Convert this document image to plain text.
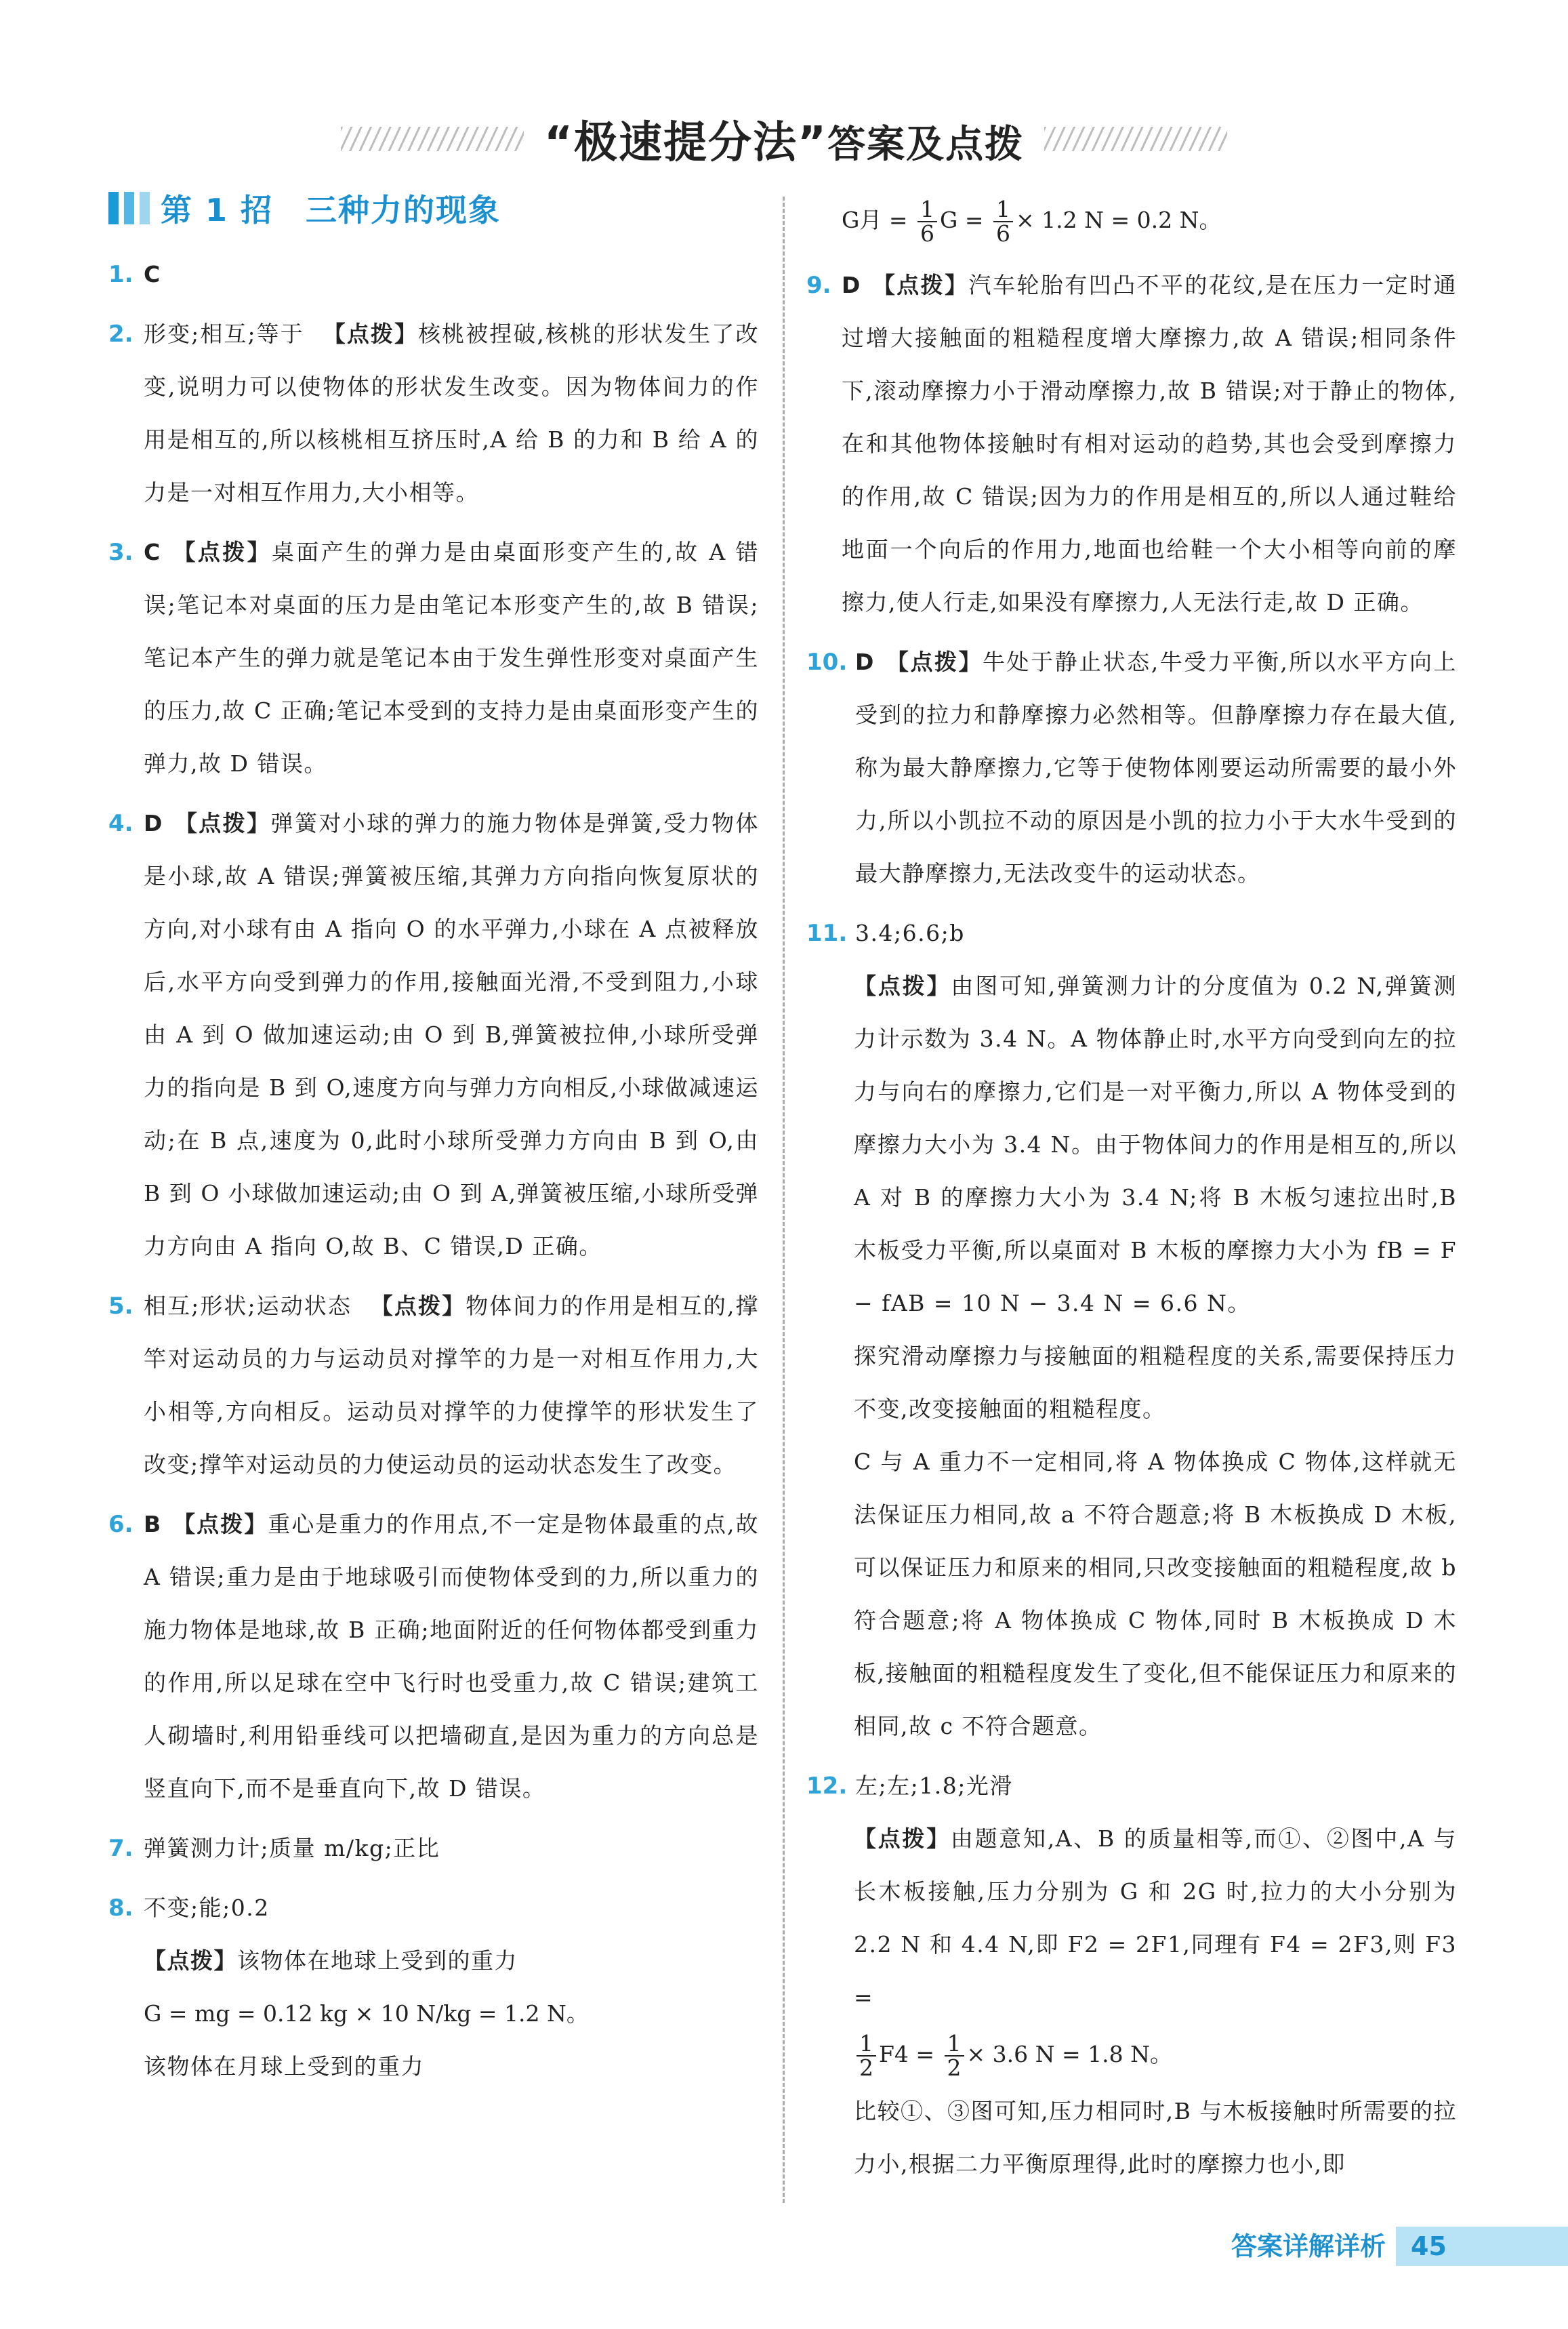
“极速提分法”答案及点拨
第 1 招　三种力的现象
1. C
2. 形变;相互;等于 【点拨】核桃被捏破,核桃的形状发生了改变,说明力可以使物体的形状发生改变。因为物体间力的作用是相互的,所以核桃相互挤压时,A 给 B 的力和 B 给 A 的力是一对相互作用力,大小相等。
3. C 【点拨】桌面产生的弹力是由桌面形变产生的,故 A 错误;笔记本对桌面的压力是由笔记本形变产生的,故 B 错误;笔记本产生的弹力就是笔记本由于发生弹性形变对桌面产生的压力,故 C 正确;笔记本受到的支持力是由桌面形变产生的弹力,故 D 错误。
4. D 【点拨】弹簧对小球的弹力的施力物体是弹簧,受力物体是小球,故 A 错误;弹簧被压缩,其弹力方向指向恢复原状的方向,对小球有由 A 指向 O 的水平弹力,小球在 A 点被释放后,水平方向受到弹力的作用,接触面光滑,不受到阻力,小球由 A 到 O 做加速运动;由 O 到 B,弹簧被拉伸,小球所受弹力的指向是 B 到 O,速度方向与弹力方向相反,小球做减速运动;在 B 点,速度为 0,此时小球所受弹力方向由 B 到 O,由 B 到 O 小球做加速运动;由 O 到 A,弹簧被压缩,小球所受弹力方向由 A 指向 O,故 B、C 错误,D 正确。
5. 相互;形状;运动状态 【点拨】物体间力的作用是相互的,撑竿对运动员的力与运动员对撑竿的力是一对相互作用力,大小相等,方向相反。运动员对撑竿的力使撑竿的形状发生了改变;撑竿对运动员的力使运动员的运动状态发生了改变。
6. B 【点拨】重心是重力的作用点,不一定是物体最重的点,故 A 错误;重力是由于地球吸引而使物体受到的力,所以重力的施力物体是地球,故 B 正确;地面附近的任何物体都受到重力的作用,所以足球在空中飞行时也受重力,故 C 错误;建筑工人砌墙时,利用铅垂线可以把墙砌直,是因为重力的方向总是竖直向下,而不是垂直向下,故 D 错误。
7. 弹簧测力计;质量 m/kg;正比
8. 不变;能;0.2
【点拨】该物体在地球上受到的重力
G = mg = 0.12 kg × 10 N/kg = 1.2 N。
该物体在月球上受到的重力
G月 = $\frac{1}{6}$ $G = \frac{1}{6} \times 1.2$ N = 0.2 N。
9. D 【点拨】汽车轮胎有凹凸不平的花纹,是在压力一定时通过增大接触面的粗糙程度增大摩擦力,故 A 错误;相同条件下,滚动摩擦力小于滑动摩擦力,故 B 错误;对于静止的物体,在和其他物体接触时有相对运动的趋势,其也会受到摩擦力的作用,故 C 错误;因为力的作用是相互的,所以人通过鞋给地面一个向后的作用力,地面也给鞋一个大小相等向前的摩擦力,使人行走,如果没有摩擦力,人无法行走,故 D 正确。
10. D 【点拨】牛处于静止状态,牛受力平衡,所以水平方向上受到的拉力和静摩擦力必然相等。但静摩擦力存在最大值,称为最大静摩擦力,它等于使物体刚要运动所需要的最小外力,所以小凯拉不动的原因是小凯的拉力小于大水牛受到的最大静摩擦力,无法改变牛的运动状态。
11. 3.4;6.6;b
【点拨】由图可知,弹簧测力计的分度值为 0.2 N,弹簧测力计示数为 3.4 N。A 物体静止时,水平方向受到向左的拉力与向右的摩擦力,它们是一对平衡力,所以 A 物体受到的摩擦力大小为 3.4 N。由于物体间力的作用是相互的,所以 A 对 B 的摩擦力大小为 3.4 N;将 B 木板匀速拉出时,B 木板受力平衡,所以桌面对 B 木板的摩擦力大小为 fB = F − fAB = 10 N − 3.4 N = 6.6 N。
探究滑动摩擦力与接触面的粗糙程度的关系,需要保持压力不变,改变接触面的粗糙程度。
C 与 A 重力不一定相同,将 A 物体换成 C 物体,这样就无法保证压力相同,故 a 不符合题意;将 B 木板换成 D 木板,可以保证压力和原来的相同,只改变接触面的粗糙程度,故 b 符合题意;将 A 物体换成 C 物体,同时 B 木板换成 D 木板,接触面的粗糙程度发生了变化,但不能保证压力和原来的相同,故 c 不符合题意。
12. 左;左;1.8;光滑
【点拨】由题意知,A、B 的质量相等,而①、②图中,A 与长木板接触,压力分别为 G 和 2G 时,拉力的大小分别为 2.2 N 和 4.4 N,即 F2 = 2F1,同理有 F4 = 2F3,则 F3 =
$\frac{1}{2} F4 = \frac{1}{2} \times 3.6$ N = 1.8 N。
比较①、③图可知,压力相同时,B 与木板接触时所需要的拉力小,根据二力平衡原理得,此时的摩擦力也小,即
答案详解详析 45
